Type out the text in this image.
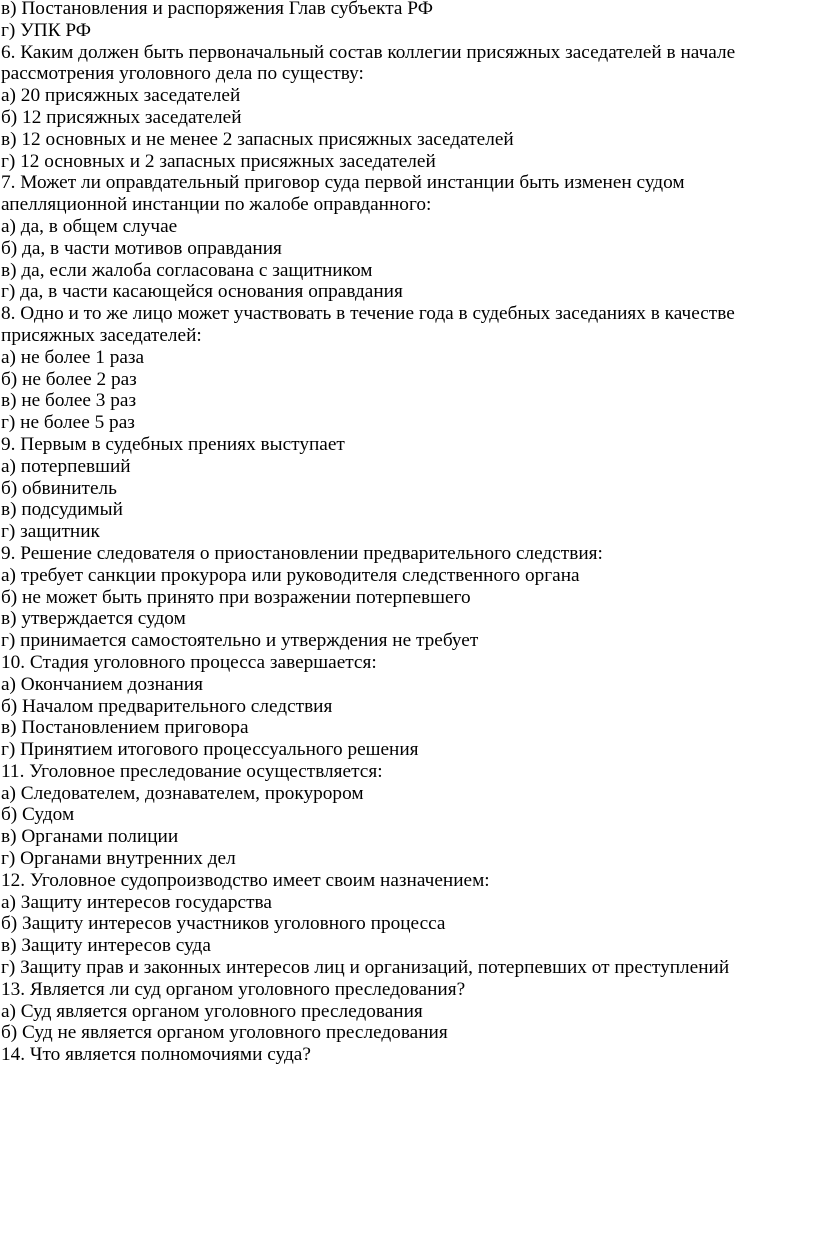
в) Постановления и распоряжения Глав субъекта РФ
г) УПК РФ
6. Каким должен быть первоначальный состав коллегии присяжных заседателей в начале
рассмотрения уголовного дела по существу:
а) 20 присяжных заседателей
б) 12 присяжных заседателей
в) 12 основных и не менее 2 запасных присяжных заседателей
г) 12 основных и 2 запасных присяжных заседателей
7. Может ли оправдательный приговор суда первой инстанции быть изменен судом
апелляционной инстанции по жалобе оправданного:
а) да, в общем случае
б) да, в части мотивов оправдания
в) да, если жалоба согласована с защитником
г) да, в части касающейся основания оправдания
8. Одно и то же лицо может участвовать в течение года в судебных заседаниях в качестве
присяжных заседателей:
а) не более 1 раза
б) не более 2 раз
в) не более 3 раз
г) не более 5 раз
9. Первым в судебных прениях выступает
а) потерпевший
б) обвинитель
в) подсудимый
г) защитник
9. Решение следователя о приостановлении предварительного следствия:
а) требует санкции прокурора или руководителя следственного органа
б) не может быть принято при возражении потерпевшего
в) утверждается судом
г) принимается самостоятельно и утверждения не требует
10. Стадия уголовного процесса завершается:
а) Окончанием дознания
б) Началом предварительного следствия
в) Постановлением приговора
г) Принятием итогового процессуального решения
11. Уголовное преследование осуществляется:
а) Следователем, дознавателем, прокурором
б) Судом
в) Органами полиции
г) Органами внутренних дел
12. Уголовное судопроизводство имеет своим назначением:
а) Защиту интересов государства
б) Защиту интересов участников уголовного процесса
в) Защиту интересов суда
г) Защиту прав и законных интересов лиц и организаций, потерпевших от преступлений
13. Является ли суд органом уголовного преследования?
а) Суд является органом уголовного преследования
б) Суд не является органом уголовного преследования
14. Что является полномочиями суда?
